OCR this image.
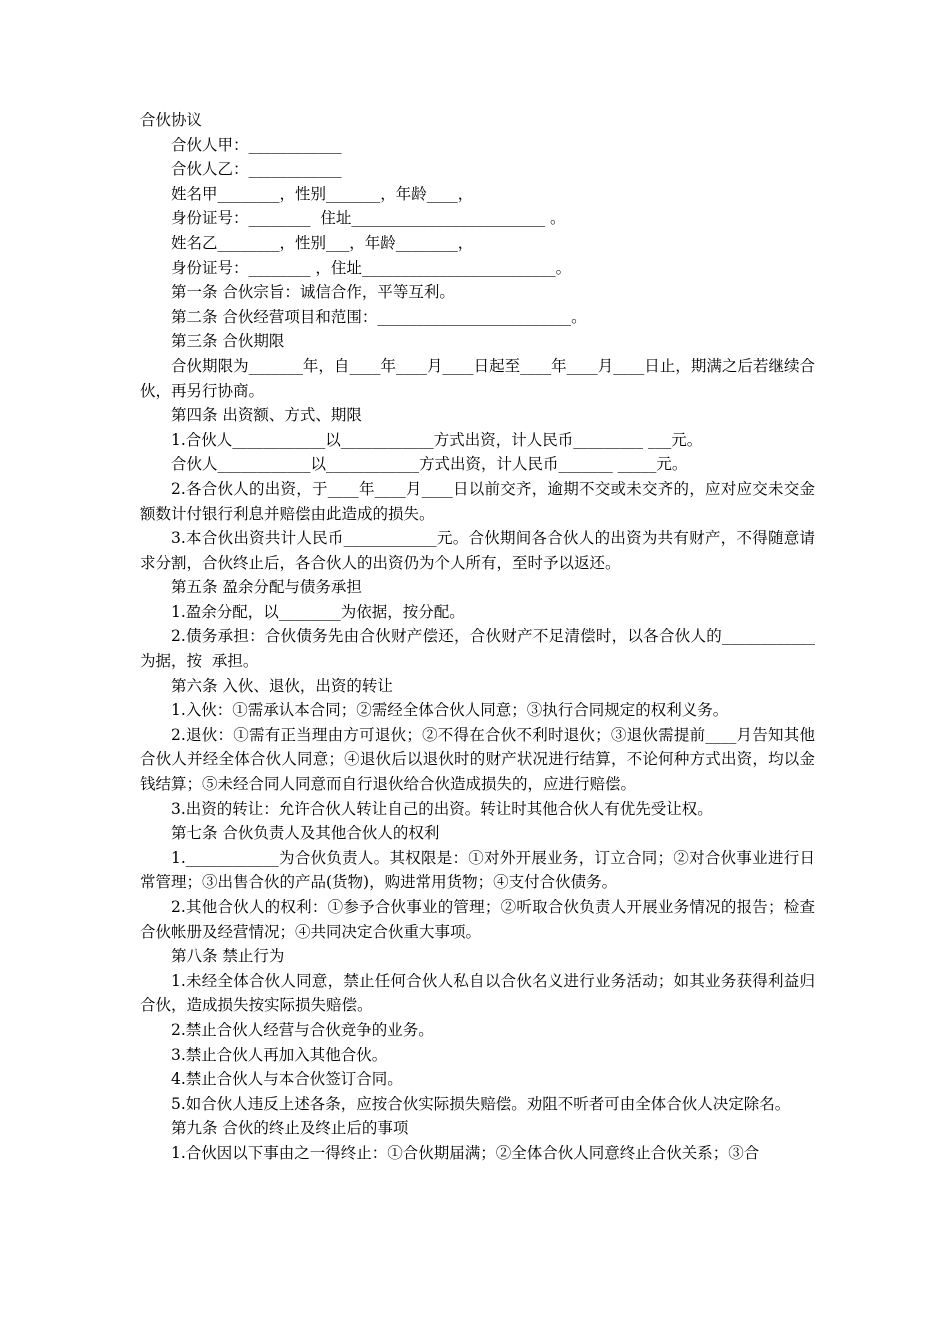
合伙协议

合伙人甲：____________

合伙人乙：____________

姓名甲________，性别_______，年龄____，

身份证号：________  住址_________________________ 。

姓名乙________，性别___，年龄________，

身份证号：________ ，住址_________________________。

第一条 合伙宗旨：诚信合作，平等互利。

第二条 合伙经营项目和范围：_________________________。

第三条 合伙期限

合伙期限为_______年，自____年____月____日起至____年____月____日止，期满之后若继续合伙，再另行协商。

第四条 出资额、方式、期限

1.合伙人____________以____________方式出资，计人民币_________ ___元。

合伙人____________以____________方式出资，计人民币_______ _____元。

2.各合伙人的出资，于____年____月____日以前交齐，逾期不交或未交齐的，应对应交未交金额数计付银行利息并赔偿由此造成的损失。

3.本合伙出资共计人民币____________元。合伙期间各合伙人的出资为共有财产，不得随意请求分割，合伙终止后，各合伙人的出资仍为个人所有，至时予以返还。

第五条 盈余分配与债务承担

1.盈余分配，以________为依据，按分配。

2.债务承担：合伙债务先由合伙财产偿还，合伙财产不足清偿时，以各合伙人的____________为据，按  承担。

第六条 入伙、退伙，出资的转让

1.入伙：①需承认本合同；②需经全体合伙人同意；③执行合同规定的权利义务。

2.退伙：①需有正当理由方可退伙；②不得在合伙不利时退伙；③退伙需提前____月告知其他合伙人并经全体合伙人同意；④退伙后以退伙时的财产状况进行结算，不论何种方式出资，均以金钱结算；⑤未经合同人同意而自行退伙给合伙造成损失的，应进行赔偿。

3.出资的转让：允许合伙人转让自己的出资。转让时其他合伙人有优先受让权。

第七条 合伙负责人及其他合伙人的权利

1.____________为合伙负责人。其权限是：①对外开展业务，订立合同；②对合伙事业进行日常管理；③出售合伙的产品(货物)，购进常用货物；④支付合伙债务。

2.其他合伙人的权利：①参予合伙事业的管理；②听取合伙负责人开展业务情况的报告；检查合伙帐册及经营情况；④共同决定合伙重大事项。

第八条 禁止行为

1.未经全体合伙人同意，禁止任何合伙人私自以合伙名义进行业务活动；如其业务获得利益归合伙，造成损失按实际损失赔偿。

2.禁止合伙人经营与合伙竞争的业务。

3.禁止合伙人再加入其他合伙。

4.禁止合伙人与本合伙签订合同。

5.如合伙人违反上述各条，应按合伙实际损失赔偿。劝阻不听者可由全体合伙人决定除名。

第九条 合伙的终止及终止后的事项

1.合伙因以下事由之一得终止：①合伙期届满；②全体合伙人同意终止合伙关系；③合
